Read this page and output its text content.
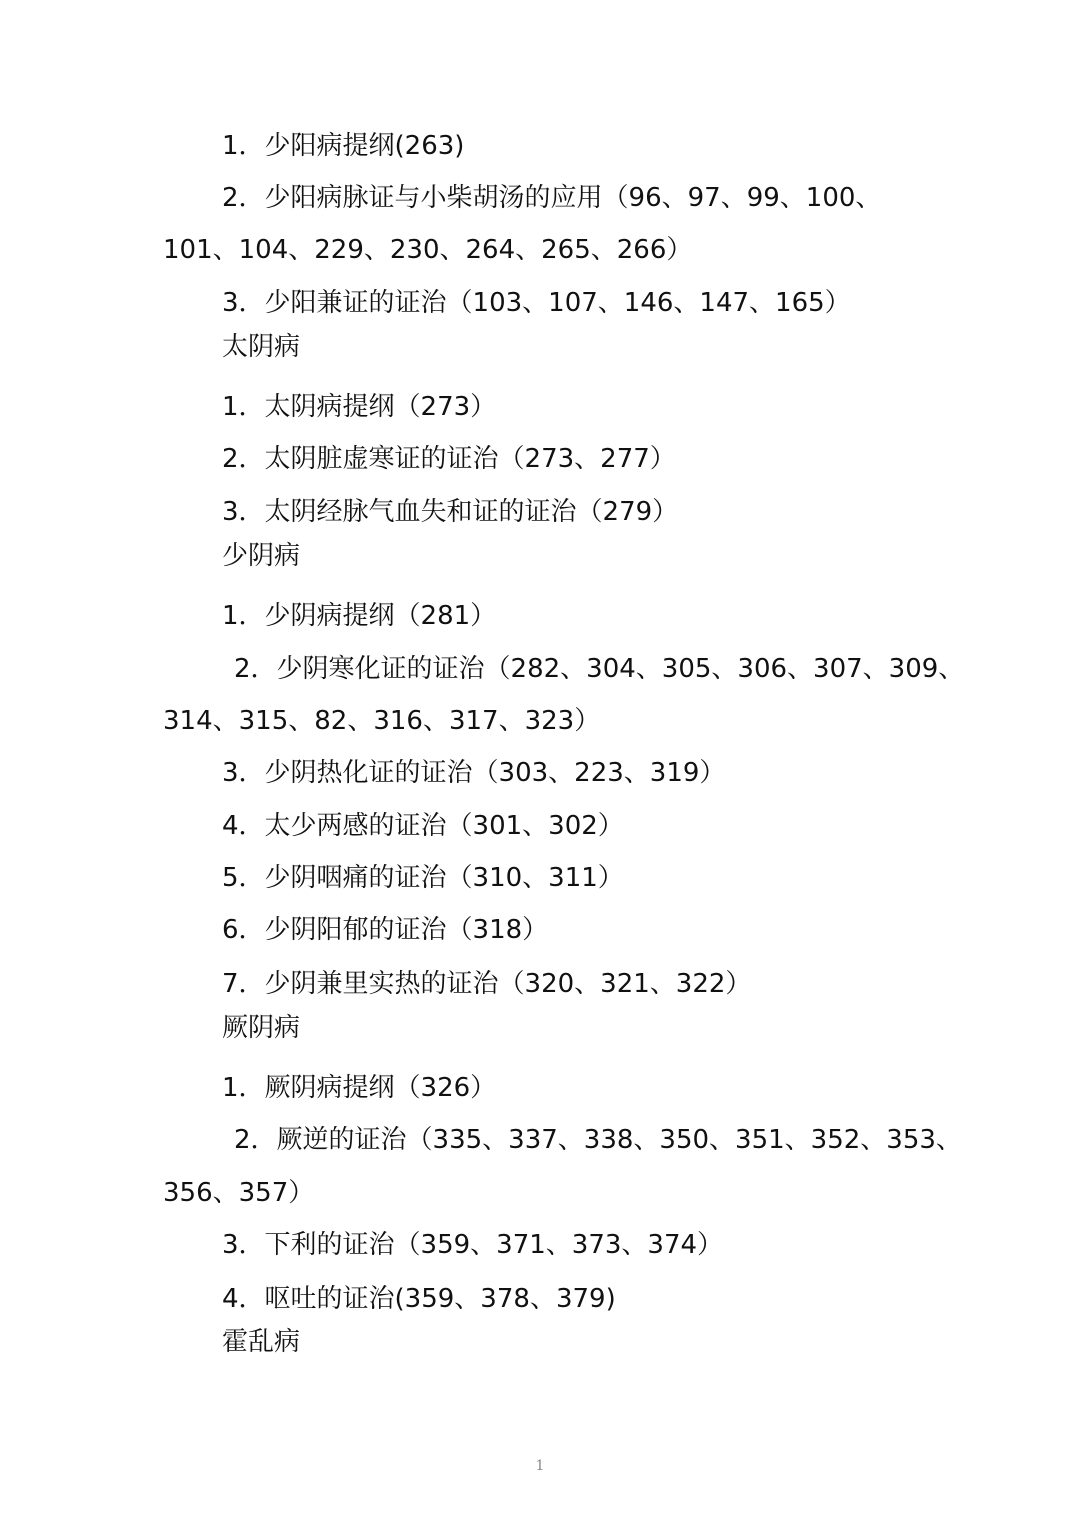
1．少阳病提纲(263)
2．少阳病脉证与小柴胡汤的应用（96、97、99、100、
101、104、229、230、264、265、266）
3．少阳兼证的证治（103、107、146、147、165）
太阴病
1．太阴病提纲（273）
2．太阴脏虚寒证的证治（273、277）
3．太阴经脉气血失和证的证治（279）
少阴病
1．少阴病提纲（281）
2．少阴寒化证的证治（282、304、305、306、307、309、
314、315、82、316、317、323）
3．少阴热化证的证治（303、223、319）
4．太少两感的证治（301、302）
5．少阴咽痛的证治（310、311）
6．少阴阳郁的证治（318）
7．少阴兼里实热的证治（320、321、322）
厥阴病
1．厥阴病提纲（326）
2．厥逆的证治（335、337、338、350、351、352、353、
356、357）
3．下利的证治（359、371、373、374）
4．呕吐的证治(359、378、379)
霍乱病
1
